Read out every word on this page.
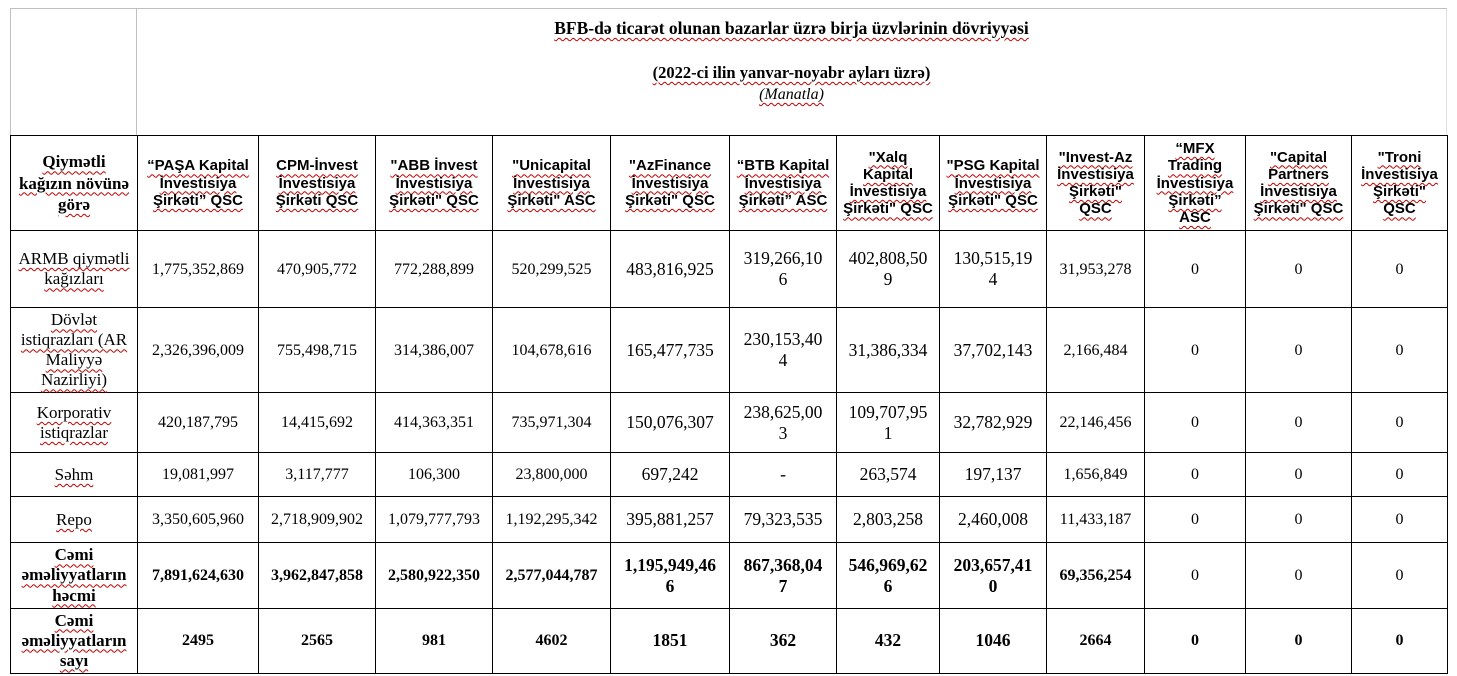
BFB-də ticarət olunan bazarlar üzrə birja üzvlərinin dövriyyəsi
(2022-ci ilin yanvar-noyabr ayları üzrə)
(Manatla)
Qiymətli kağızın növünə görə	“PAŞA Kapital İnvestisiya Şirkəti” QSC	CPM-İnvest İnvestisiya Şirkəti QSC	"ABB İnvest İnvestisiya Şirkəti" QSC	"Unicapital İnvestisiya Şirkəti" ASC	"AzFinance İnvestisiya Şirkəti" QSC	“BTB Kapital İnvestisiya Şirkəti” ASC	"Xalq Kapital İnvestisiya Şirkəti" QSC	"PSG Kapital İnvestisiya Şirkəti" QSC	"Invest-Az İnvestisiya Şirkəti" QSC	“MFX Trading İnvestisiya Şirkəti” ASC	"Capital Partners İnvestisiya Şirkəti" QSC	"Troni İnvestisiya Şirkəti" QSC
ARMB qiymətli kağızları	1,775,352,869	470,905,772	772,288,899	520,299,525	483,816,925	319,266,106	402,808,509	130,515,194	31,953,278	0	0	0
Dövlət istiqrazları (AR Maliyyə Nazirliyi)	2,326,396,009	755,498,715	314,386,007	104,678,616	165,477,735	230,153,404	31,386,334	37,702,143	2,166,484	0	0	0
Korporativ istiqrazlar	420,187,795	14,415,692	414,363,351	735,971,304	150,076,307	238,625,003	109,707,951	32,782,929	22,146,456	0	0	0
Səhm	19,081,997	3,117,777	106,300	23,800,000	697,242	-	263,574	197,137	1,656,849	0	0	0
Repo	3,350,605,960	2,718,909,902	1,079,777,793	1,192,295,342	395,881,257	79,323,535	2,803,258	2,460,008	11,433,187	0	0	0
Cəmi əməliyyatların həcmi	7,891,624,630	3,962,847,858	2,580,922,350	2,577,044,787	1,195,949,466	867,368,047	546,969,626	203,657,410	69,356,254	0	0	0
Cəmi əməliyyatların sayı	2495	2565	981	4602	1851	362	432	1046	2664	0	0	0
